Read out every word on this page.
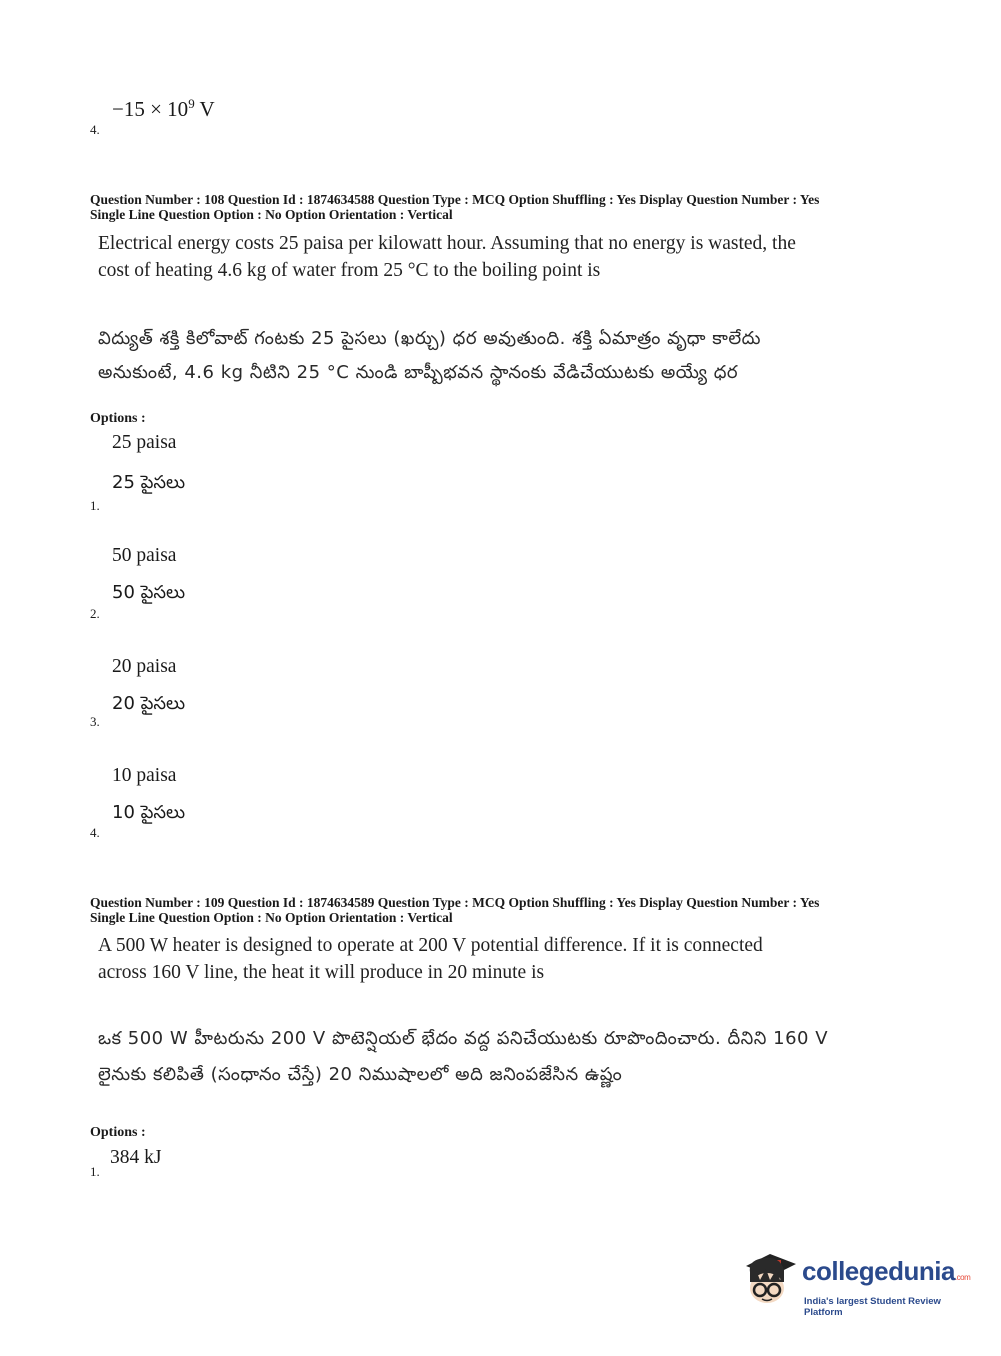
$-15 \times 10^9$ V
4.
Question Number : 108 Question Id : 1874634588 Question Type : MCQ Option Shuffling : Yes Display Question Number : Yes
Single Line Question Option : No Option Orientation : Vertical
Electrical energy costs 25 paisa per kilowatt hour. Assuming that no energy is wasted, the
cost of heating 4.6 kg of water from 25 °C to the boiling point is
విద్యుత్ శక్తి కిలోవాట్ గంటకు 25 పైసలు (ఖర్చు) ధర అవుతుంది. శక్తి ఏమాత్రం వృధా కాలేదు
అనుకుంటే, 4.6 kg నీటిని 25 °C నుండి బాష్పీభవన స్థానంకు వేడిచేయుటకు అయ్యే ధర
Options :
25 paisa
25 పైసలు
1.
50 paisa
50 పైసలు
2.
20 paisa
20 పైసలు
3.
10 paisa
10 పైసలు
4.
Question Number : 109 Question Id : 1874634589 Question Type : MCQ Option Shuffling : Yes Display Question Number : Yes
Single Line Question Option : No Option Orientation : Vertical
A 500 W heater is designed to operate at 200 V potential difference. If it is connected
across 160 V line, the heat it will produce in 20 minute is
ఒక 500 W హీటరును 200 V పొటెన్షియల్ భేదం వద్ద పనిచేయుటకు రూపొందించారు. దీనిని 160 V
లైనుకు కలిపితే (సంధానం చేస్తే) 20 నిముషాలలో అది జనింపజేసిన ఉష్ణం
Options :
384 kJ
1.
collegedunia.com
India's largest Student Review Platform
